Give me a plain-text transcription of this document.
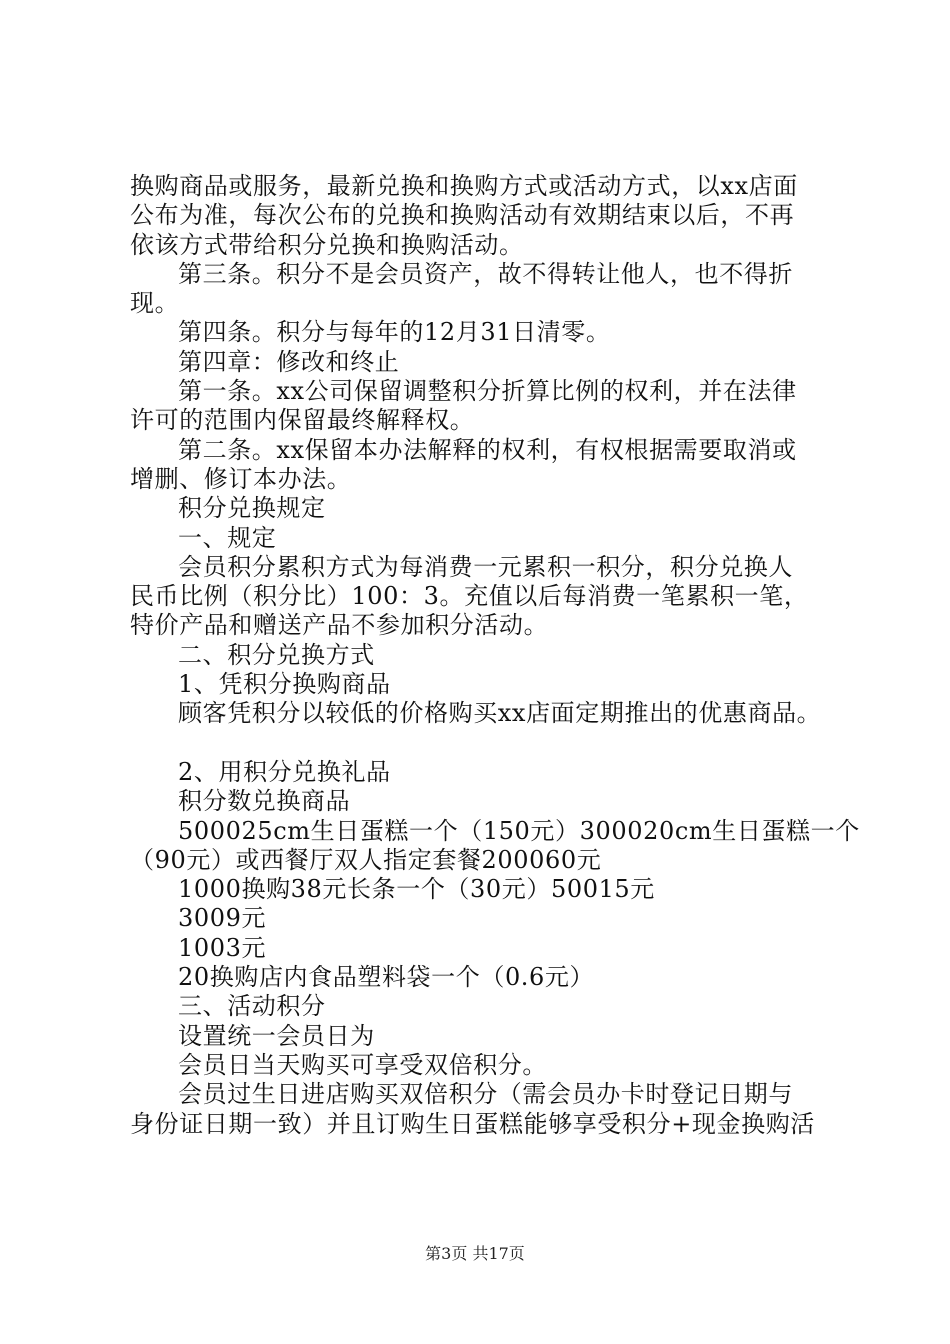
换购商品或服务，最新兑换和换购方式或活动方式，以xx店面
公布为准，每次公布的兑换和换购活动有效期结束以后，不再
依该方式带给积分兑换和换购活动。
第三条。积分不是会员资产，故不得转让他人，也不得折
现。
第四条。积分与每年的12月31日清零。
第四章：修改和终止
第一条。xx公司保留调整积分折算比例的权利，并在法律
许可的范围内保留最终解释权。
第二条。xx保留本办法解释的权利，有权根据需要取消或
增删、修订本办法。
积分兑换规定
一、规定
会员积分累积方式为每消费一元累积一积分，积分兑换人
民币比例（积分比）100：3。充值以后每消费一笔累积一笔，
特价产品和赠送产品不参加积分活动。
二、积分兑换方式
1、凭积分换购商品
顾客凭积分以较低的价格购买xx店面定期推出的优惠商品。
2、用积分兑换礼品
积分数兑换商品
500025cm生日蛋糕一个（150元）300020cm生日蛋糕一个
（90元）或西餐厅双人指定套餐200060元
1000换购38元长条一个（30元）50015元
3009元
1003元
20换购店内食品塑料袋一个（0.6元）
三、活动积分
设置统一会员日为
会员日当天购买可享受双倍积分。
会员过生日进店购买双倍积分（需会员办卡时登记日期与
身份证日期一致）并且订购生日蛋糕能够享受积分+现金换购活
第3页 共17页
